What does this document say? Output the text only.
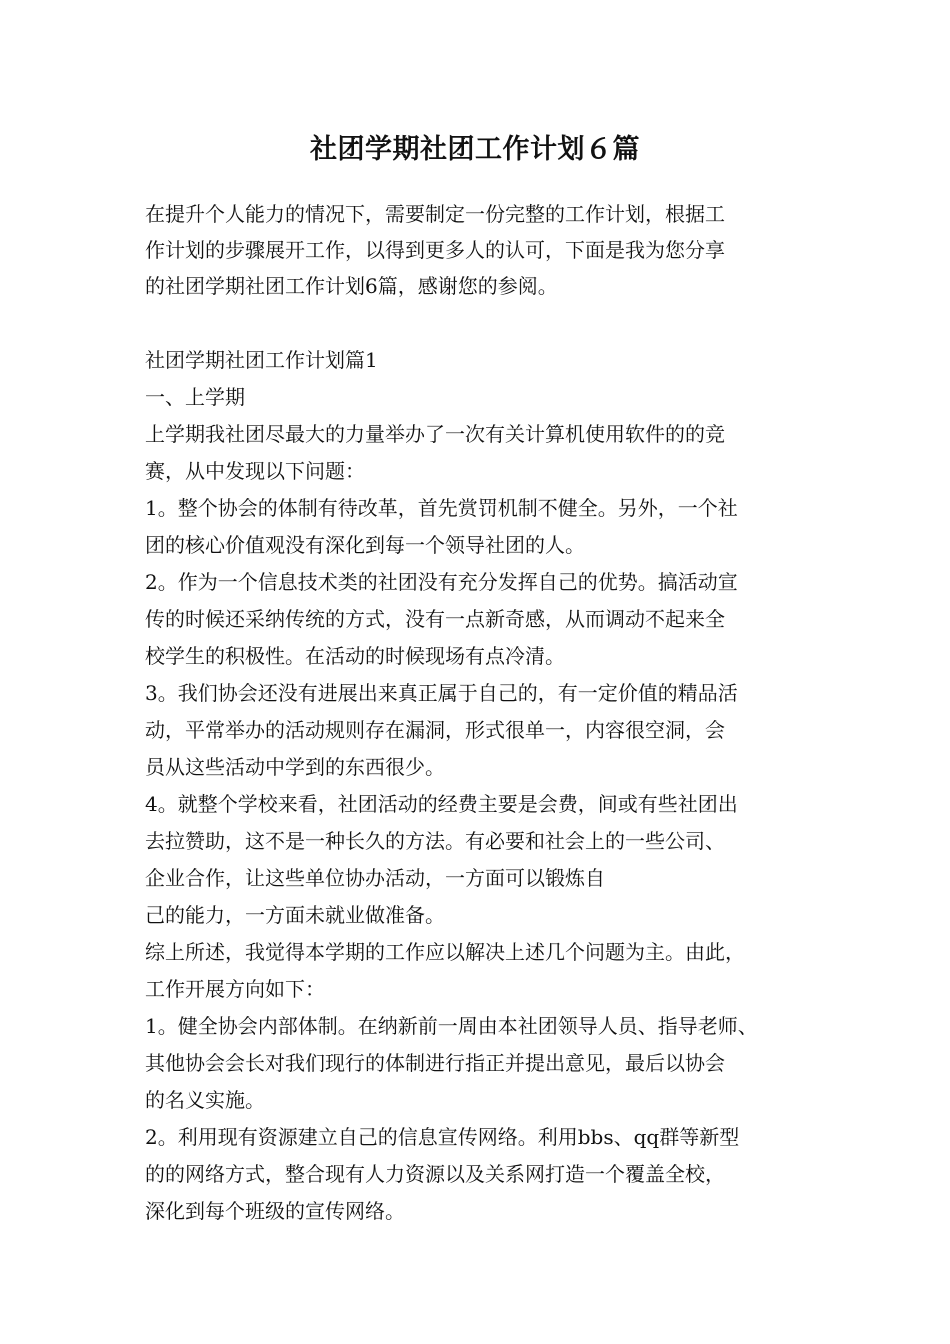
社团学期社团工作计划６篇
在提升个人能力的情况下，需要制定一份完整的工作计划，根据工
作计划的步骤展开工作，以得到更多人的认可，下面是我为您分享
的社团学期社团工作计划6篇，感谢您的参阅。
社团学期社团工作计划篇1
一、上学期
上学期我社团尽最大的力量举办了一次有关计算机使用软件的的竞
赛，从中发现以下问题：
1。整个协会的体制有待改革，首先赏罚机制不健全。另外，一个社
团的核心价值观没有深化到每一个领导社团的人。
2。作为一个信息技术类的社团没有充分发挥自己的优势。搞活动宣
传的时候还采纳传统的方式，没有一点新奇感，从而调动不起来全
校学生的积极性。在活动的时候现场有点冷清。
3。我们协会还没有进展出来真正属于自己的，有一定价值的精品活
动，平常举办的活动规则存在漏洞，形式很单一，内容很空洞，会
员从这些活动中学到的东西很少。
4。就整个学校来看，社团活动的经费主要是会费，间或有些社团出
去拉赞助，这不是一种长久的方法。有必要和社会上的一些公司、
企业合作，让这些单位协办活动，一方面可以锻炼自
己的能力，一方面未就业做准备。
综上所述，我觉得本学期的工作应以解决上述几个问题为主。由此，
工作开展方向如下：
1。健全协会内部体制。在纳新前一周由本社团领导人员、指导老师、
其他协会会长对我们现行的体制进行指正并提出意见，最后以协会
的名义实施。
2。利用现有资源建立自己的信息宣传网络。利用bbs、qq群等新型
的的网络方式，整合现有人力资源以及关系网打造一个覆盖全校，
深化到每个班级的宣传网络。
